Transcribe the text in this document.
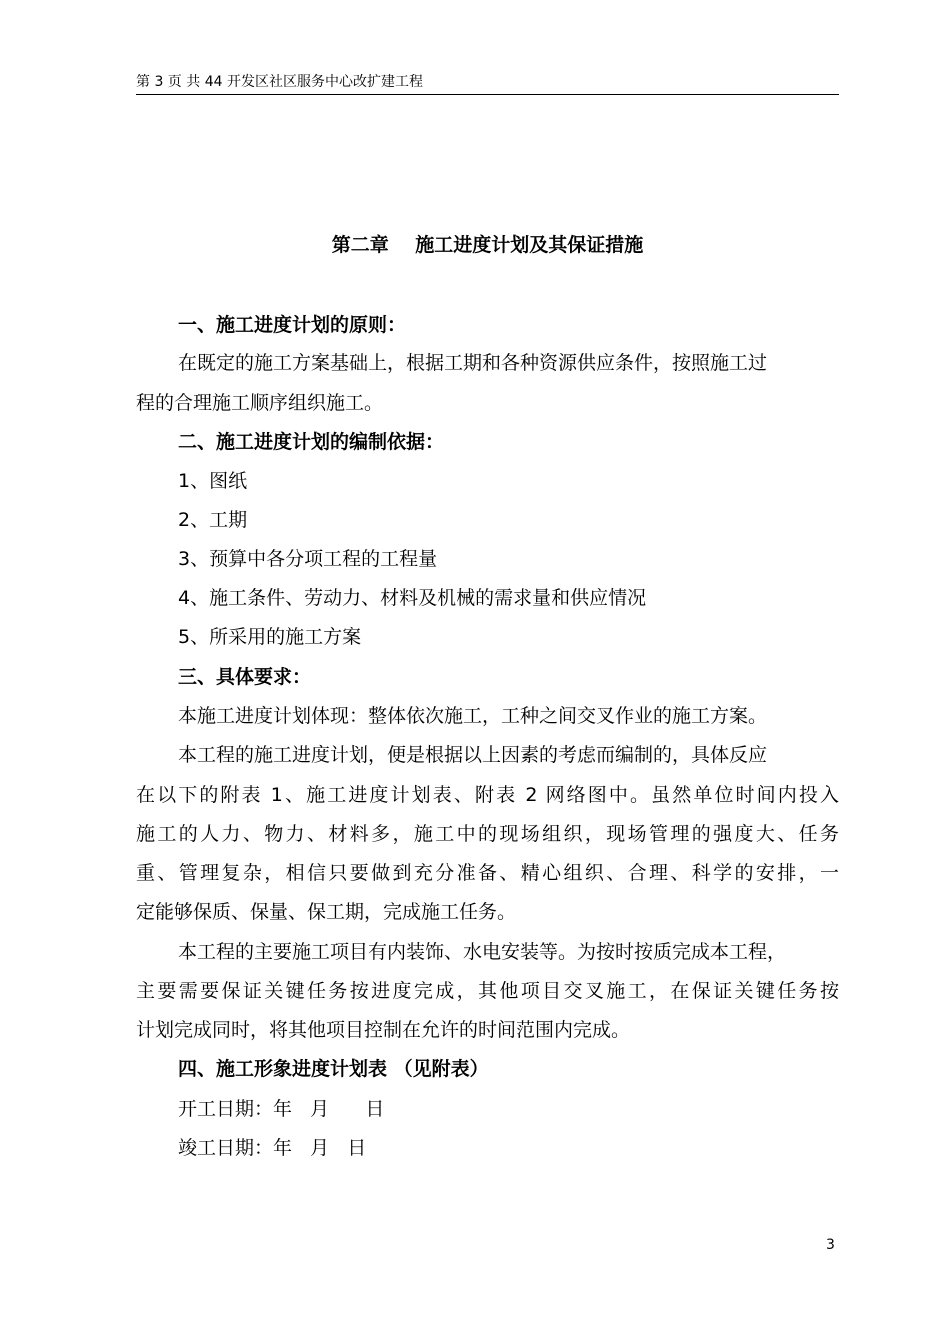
第 3 页 共 44 开发区社区服务中心改扩建工程
第二章    施工进度计划及其保证措施
一、施工进度计划的原则：
在既定的施工方案基础上，根据工期和各种资源供应条件，按照施工过
程的合理施工顺序组织施工。
二、施工进度计划的编制依据：
1、图纸
2、工期
3、预算中各分项工程的工程量
4、施工条件、劳动力、材料及机械的需求量和供应情况
5、所采用的施工方案
三、具体要求：
本施工进度计划体现：整体依次施工，工种之间交叉作业的施工方案。
本工程的施工进度计划，便是根据以上因素的考虑而编制的，具体反应
在以下的附表 1、施工进度计划表、附表 2 网络图中。虽然单位时间内投入
施工的人力、物力、材料多，施工中的现场组织，现场管理的强度大、任务
重、管理复杂，相信只要做到充分准备、精心组织、合理、科学的安排，一
定能够保质、保量、保工期，完成施工任务。
本工程的主要施工项目有内装饰、水电安装等。为按时按质完成本工程，
主要需要保证关键任务按进度完成，其他项目交叉施工，在保证关键任务按
计划完成同时，将其他项目控制在允许的时间范围内完成。
四、施工形象进度计划表 （见附表）
开工日期：年   月      日
竣工日期：年   月   日
3
